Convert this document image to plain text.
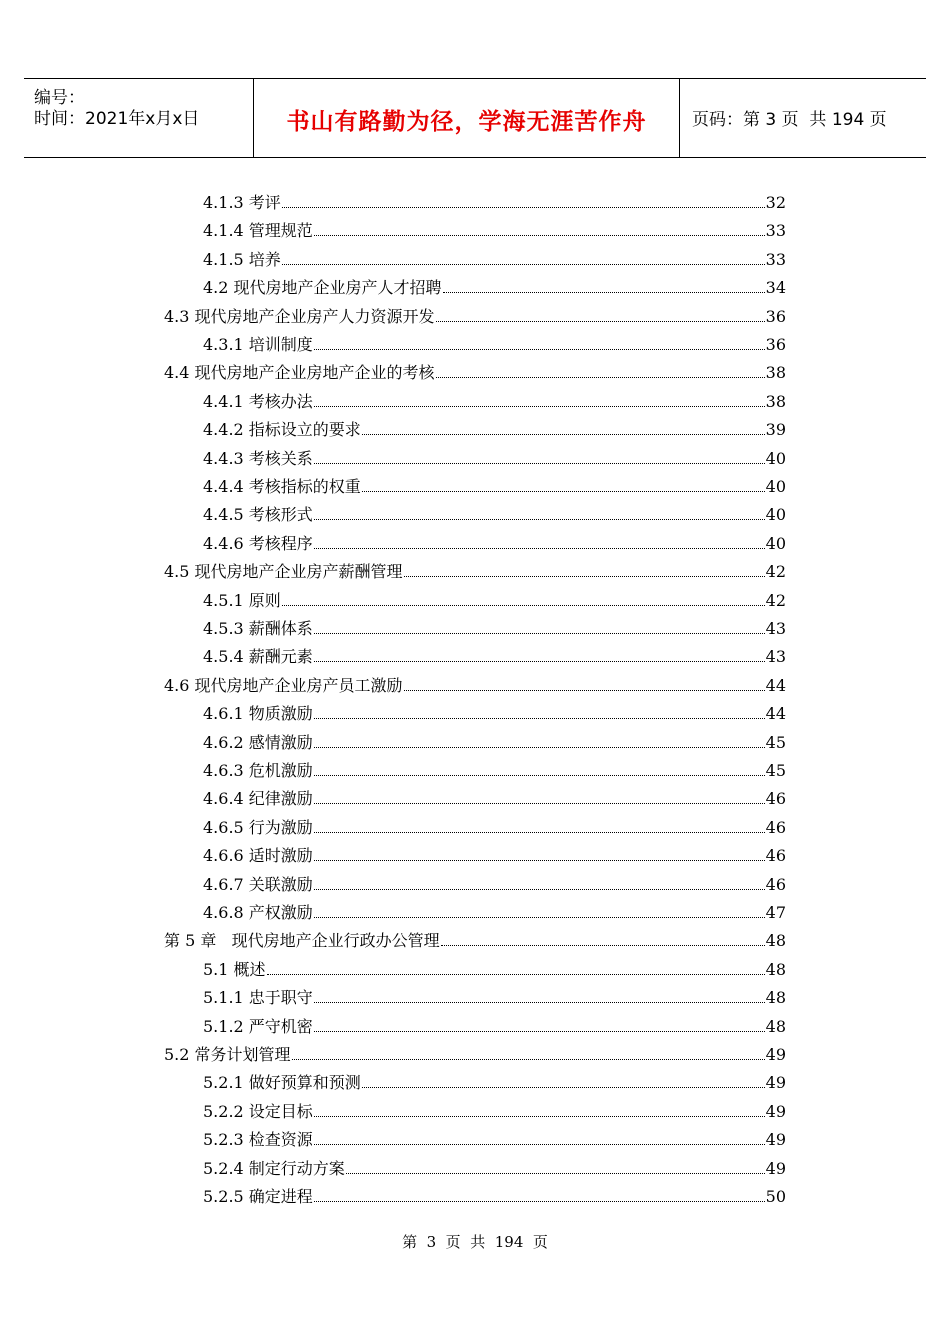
编号：
时间：2021年x月x日	书山有路勤为径，学海无涯苦作舟	页码：第 3 页  共 194 页
4.1.3 考评	32
4.1.4 管理规范	33
4.1.5 培养	33
4.2 现代房地产企业房产人才招聘	34
4.3 现代房地产企业房产人力资源开发	36
4.3.1 培训制度	36
4.4 现代房地产企业房地产企业的考核	38
4.4.1 考核办法	38
4.4.2 指标设立的要求	39
4.4.3 考核关系	40
4.4.4 考核指标的权重	40
4.4.5 考核形式	40
4.4.6 考核程序	40
4.5 现代房地产企业房产薪酬管理	42
4.5.1 原则	42
4.5.3 薪酬体系	43
4.5.4 薪酬元素	43
4.6 现代房地产企业房产员工激励	44
4.6.1 物质激励	44
4.6.2 感情激励	45
4.6.3 危机激励	45
4.6.4 纪律激励	46
4.6.5 行为激励	46
4.6.6 适时激励	46
4.6.7 关联激励	46
4.6.8 产权激励	47
第 5 章   现代房地产企业行政办公管理	48
5.1 概述	48
5.1.1 忠于职守	48
5.1.2 严守机密	48
5.2 常务计划管理	49
5.2.1 做好预算和预测	49
5.2.2 设定目标	49
5.2.3 检查资源	49
5.2.4 制定行动方案	49
5.2.5 确定进程	50
第  3  页  共  194  页
